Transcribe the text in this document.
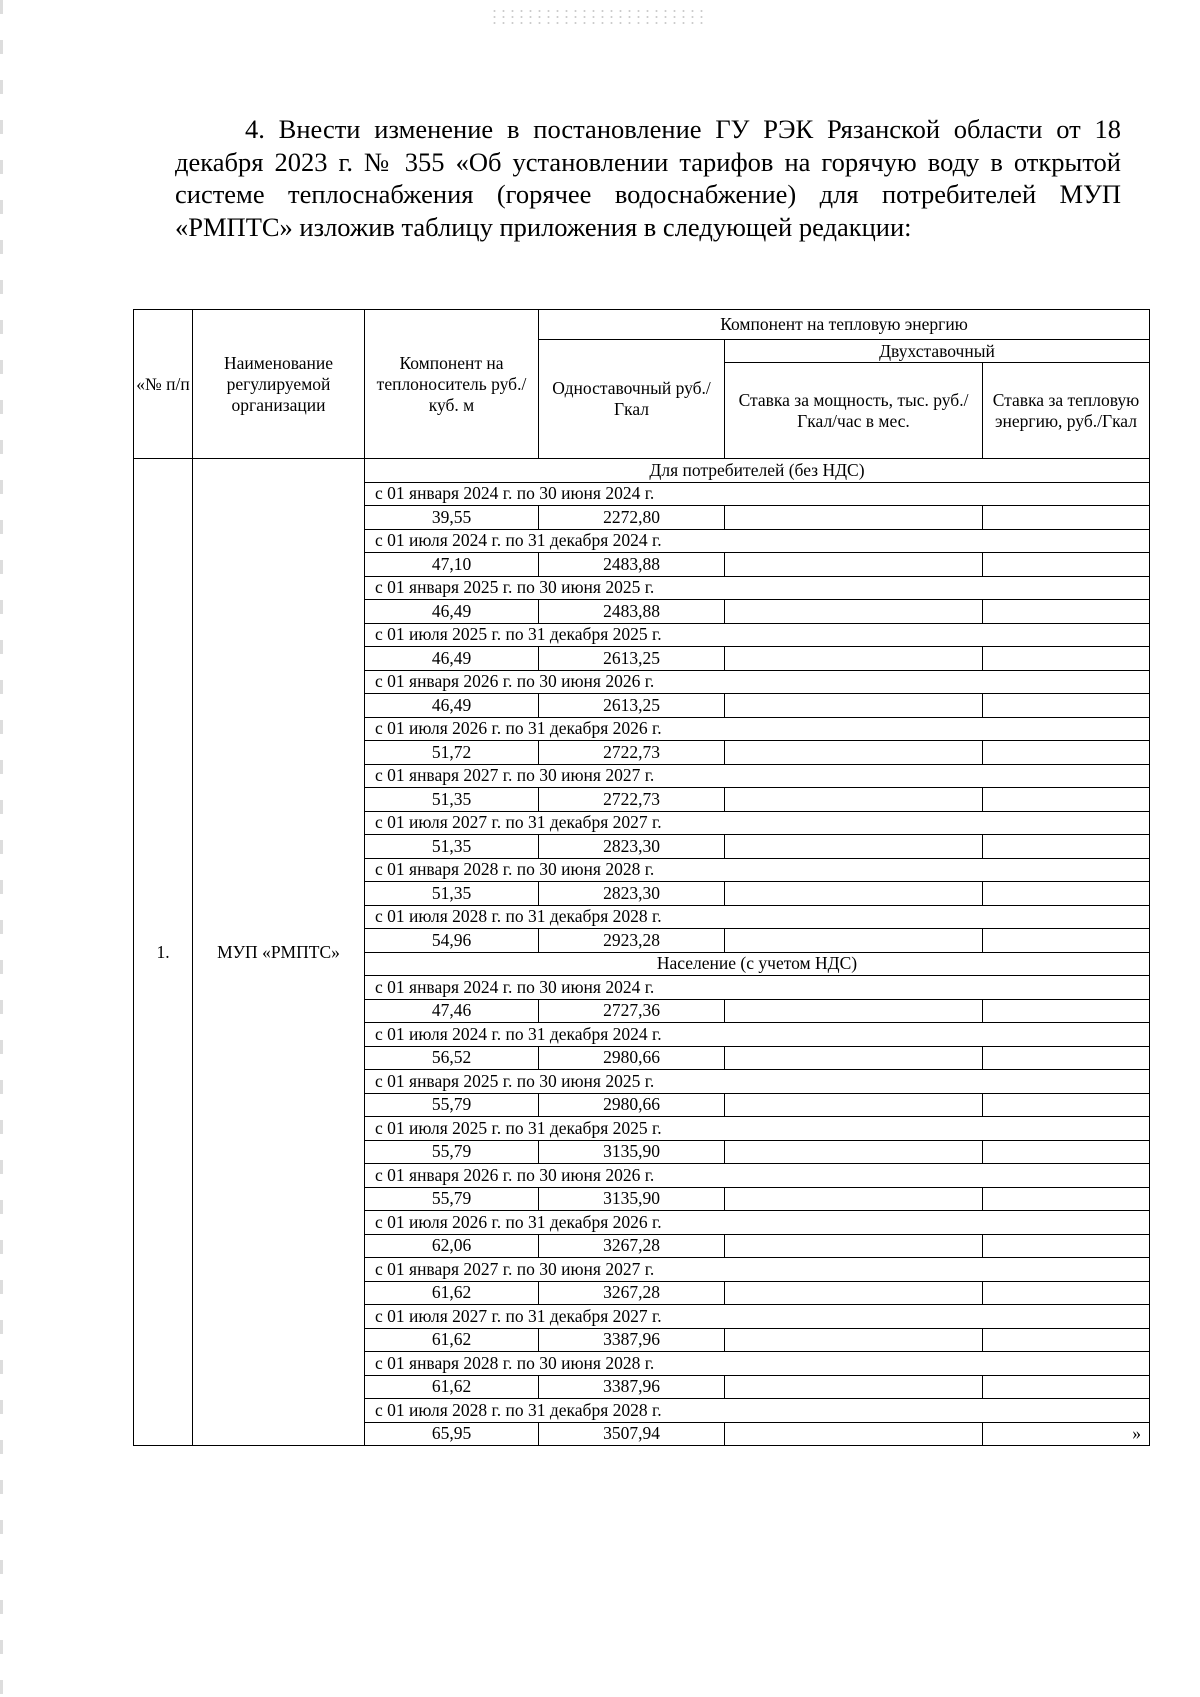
4. Внести изменение в постановление ГУ РЭК Рязанской области от 18 декабря 2023 г. № 355 «Об установлении тарифов на горячую воду в открытой системе теплоснабжения (горячее водоснабжение) для потребителей МУП «РМПТС» изложив таблицу приложения в следующей редакции:

«№ п/п	Наименование регулируемой организации	Компонент на теплоноситель руб./куб. м	Компонент на тепловую энергию		
			Одноставочный руб./Гкал	Двухставочный	
				Ставка за мощность, тыс. руб./Гкал/час в мес.	Ставка за тепловую энергию, руб./Гкал
1.	МУП «РМПТС»	Для потребителей (без НДС)			
		с 01 января 2024 г. по 30 июня 2024 г.			
		39,55	2272,80		
		с 01 июля 2024 г. по 31 декабря 2024 г.			
		47,10	2483,88		
		с 01 января 2025 г. по 30 июня 2025 г.			
		46,49	2483,88		
		с 01 июля 2025 г. по 31 декабря 2025 г.			
		46,49	2613,25		
		с 01 января 2026 г. по 30 июня 2026 г.			
		46,49	2613,25		
		с 01 июля 2026 г. по 31 декабря 2026 г.			
		51,72	2722,73		
		с 01 января 2027 г. по 30 июня 2027 г.			
		51,35	2722,73		
		с 01 июля 2027 г. по 31 декабря 2027 г.			
		51,35	2823,30		
		с 01 января 2028 г. по 30 июня 2028 г.			
		51,35	2823,30		
		с 01 июля 2028 г. по 31 декабря 2028 г.			
		54,96	2923,28		
		Население (с учетом НДС)			
		с 01 января 2024 г. по 30 июня 2024 г.			
		47,46	2727,36		
		с 01 июля 2024 г. по 31 декабря 2024 г.			
		56,52	2980,66		
		с 01 января 2025 г. по 30 июня 2025 г.			
		55,79	2980,66		
		с 01 июля 2025 г. по 31 декабря 2025 г.			
		55,79	3135,90		
		с 01 января 2026 г. по 30 июня 2026 г.			
		55,79	3135,90		
		с 01 июля 2026 г. по 31 декабря 2026 г.			
		62,06	3267,28		
		с 01 января 2027 г. по 30 июня 2027 г.			
		61,62	3267,28		
		с 01 июля 2027 г. по 31 декабря 2027 г.			
		61,62	3387,96		
		с 01 января 2028 г. по 30 июня 2028 г.			
		61,62	3387,96		
		с 01 июля 2028 г. по 31 декабря 2028 г.			
		65,95	3507,94		»
